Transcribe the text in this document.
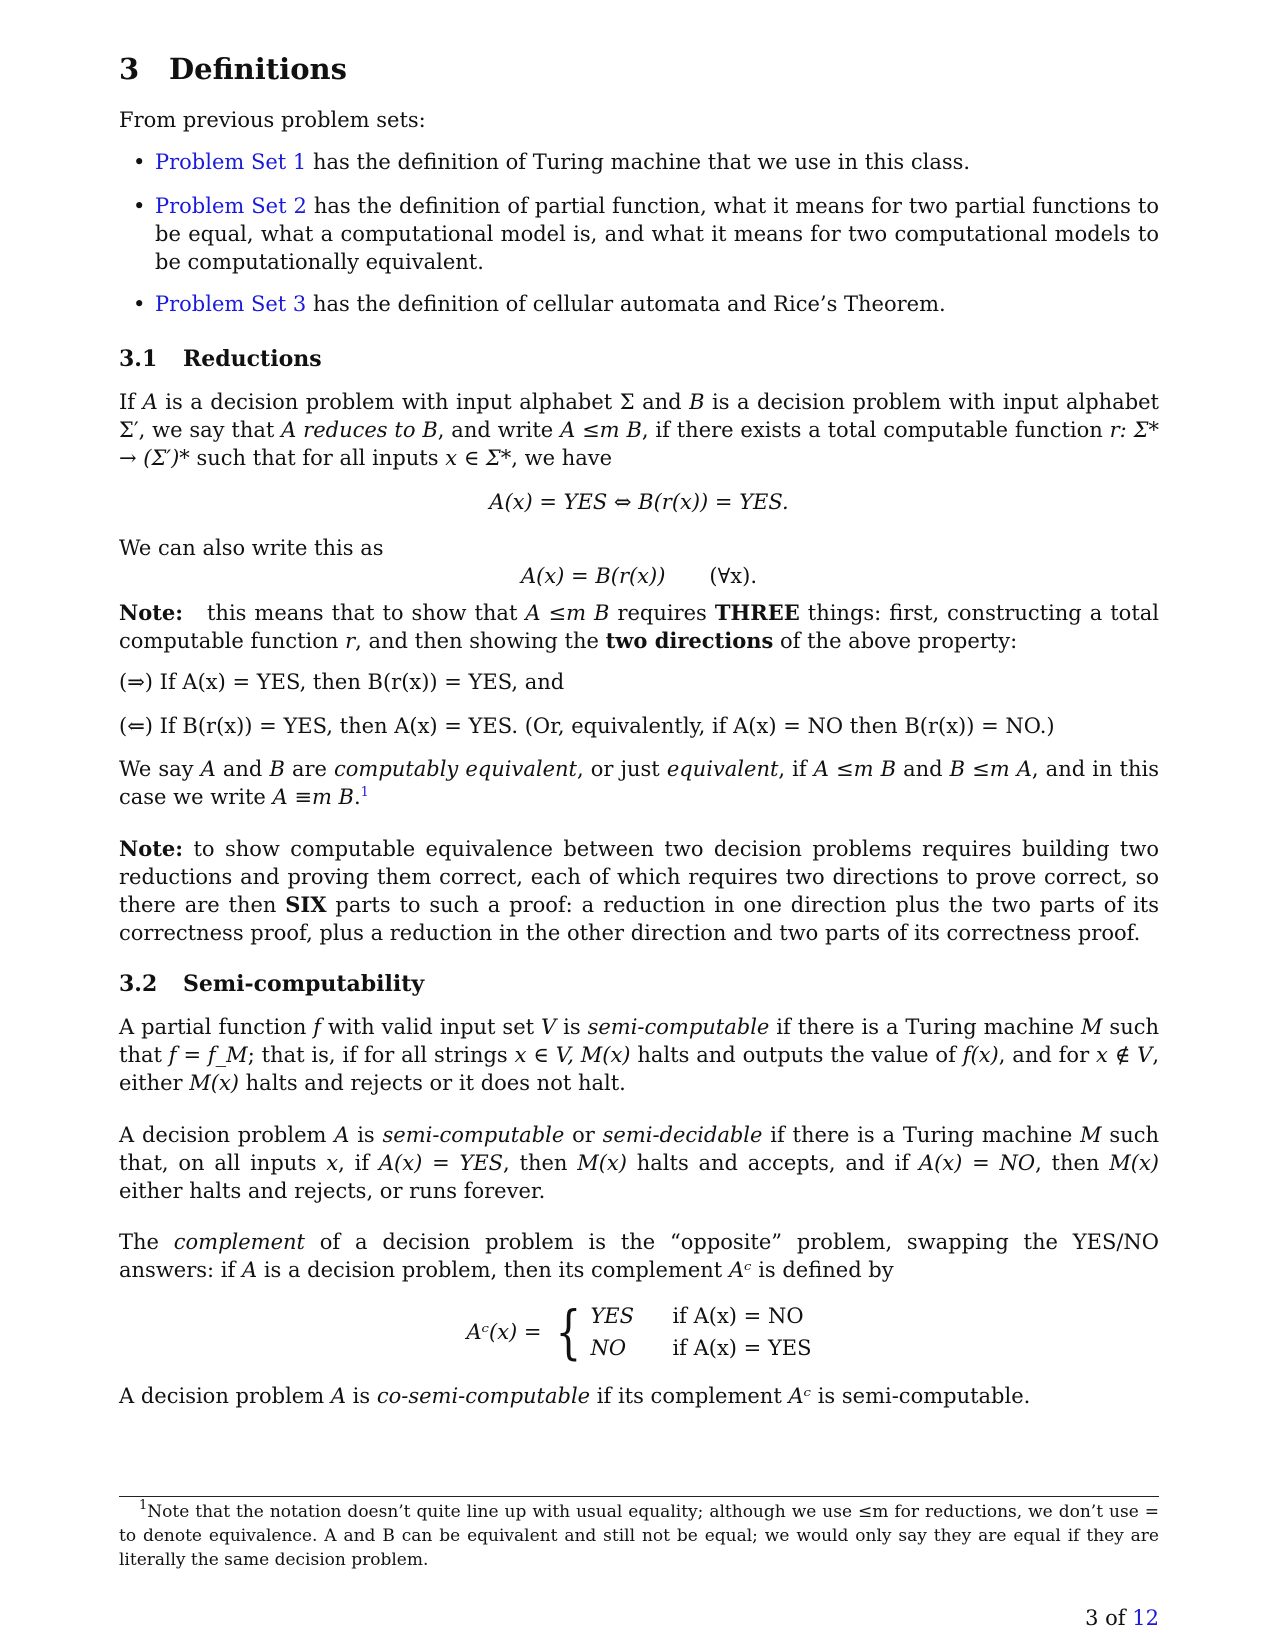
3 Definitions

From previous problem sets:

• Problem Set 1 has the definition of Turing machine that we use in this class.
• Problem Set 2 has the definition of partial function, what it means for two partial functions to be equal, what a computational model is, and what it means for two computational models to be computationally equivalent.
• Problem Set 3 has the definition of cellular automata and Rice’s Theorem.
3.1 Reductions

If A is a decision problem with input alphabet Σ and B is a decision problem with input alphabet Σ′, we say that A reduces to B, and write A ≤m B, if there exists a total computable function r: Σ* → (Σ′)* such that for all inputs x ∈ Σ*, we have

A(x) = YES ⇔ B(r(x)) = YES.

We can also write this as

A(x) = B(r(x)) (∀x).

Note: this means that to show that A ≤m B requires THREE things: first, constructing a total computable function r, and then showing the two directions of the above property:

(⇒) If A(x) = YES, then B(r(x)) = YES, and

(⇐) If B(r(x)) = YES, then A(x) = YES. (Or, equivalently, if A(x) = NO then B(r(x)) = NO.)

We say A and B are computably equivalent, or just equivalent, if A ≤m B and B ≤m A, and in this case we write A ≡m B.$^1$

Note: to show computable equivalence between two decision problems requires building two reductions and proving them correct, each of which requires two directions to prove correct, so there are then SIX parts to such a proof: a reduction in one direction plus the two parts of its correctness proof, plus a reduction in the other direction and two parts of its correctness proof.

3.2 Semi-computability

A partial function f with valid input set V is semi-computable if there is a Turing machine M such that f = f_M; that is, if for all strings x ∈ V, M(x) halts and outputs the value of f(x), and for x ∉ V, either M(x) halts and rejects or it does not halt.

A decision problem A is semi-computable or semi-decidable if there is a Turing machine M such that, on all inputs x, if A(x) = YES, then M(x) halts and accepts, and if A(x) = NO, then M(x) either halts and rejects, or runs forever.

The complement of a decision problem is the “opposite” problem, swapping the YES/NO answers: if A is a decision problem, then its complement Aᶜ is defined by

Aᶜ(x) = { YES if A(x) = NO
NO if A(x) = YES

A decision problem A is co-semi-computable if its complement Aᶜ is semi-computable.

$^1$Note that the notation doesn’t quite line up with usual equality; although we use ≤m for reductions, we don’t use = to denote equivalence. A and B can be equivalent and still not be equal; we would only say they are equal if they are literally the same decision problem.
3 of 12
